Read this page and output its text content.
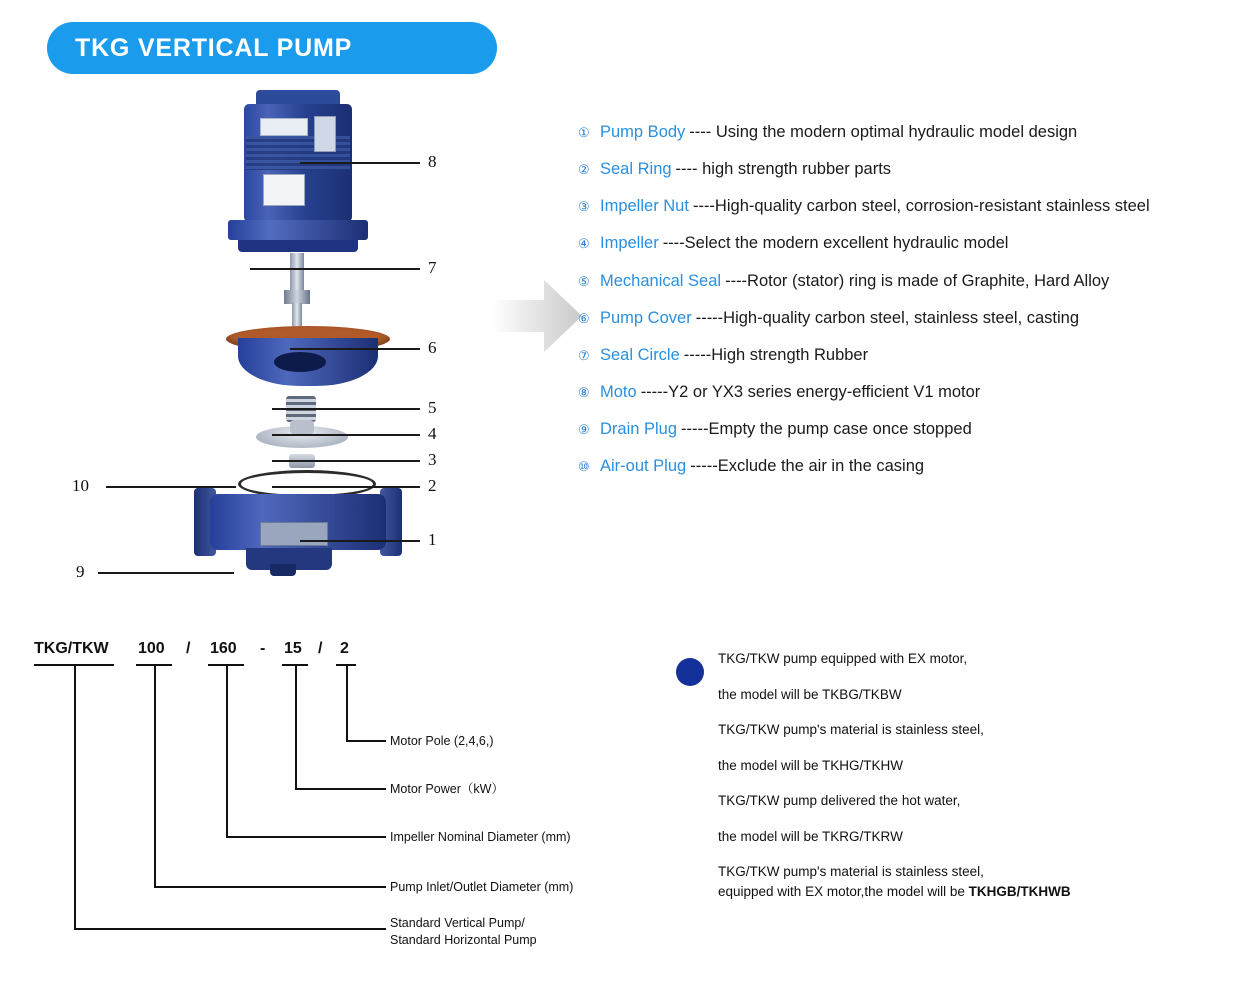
TKG VERTICAL PUMP
8
7
6
5
4
3
2
1
10
9
① Pump Body ---- Using the modern optimal hydraulic model design
② Seal Ring ---- high strength rubber parts
③ Impeller Nut ----High-quality carbon steel, corrosion-resistant stainless steel
④ Impeller ----Select the modern excellent hydraulic model
⑤ Mechanical Seal ----Rotor (stator) ring is made of Graphite, Hard Alloy
⑥ Pump Cover -----High-quality carbon steel, stainless steel, casting
⑦ Seal Circle -----High strength Rubber
⑧ Moto -----Y2 or YX3 series energy-efficient V1 motor
⑨ Drain Plug -----Empty the pump case once stopped
⑩ Air-out Plug -----Exclude the air in the casing
TKG/TKW 100 / 160 - 15 / 2
Motor Pole (2,4,6,)
Motor Power（kW）
Impeller Nominal Diameter (mm)
Pump Inlet/Outlet Diameter (mm)
Standard Vertical Pump/
Standard Horizontal Pump
TKG/TKW pump equipped with EX motor,
the model will be TKBG/TKBW
TKG/TKW pump's material is stainless steel,
the model will be TKHG/TKHW
TKG/TKW pump delivered the hot water,
the model will be TKRG/TKRW
TKG/TKW pump's material is stainless steel,
equipped with EX motor,the model will be TKHGB/TKHWB
